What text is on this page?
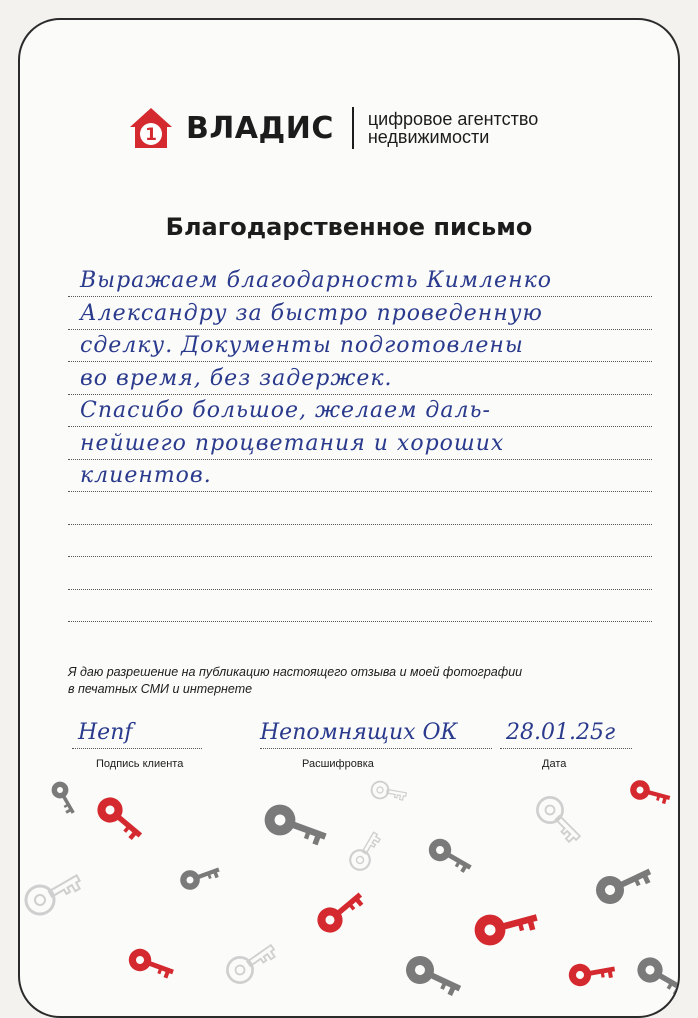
1 ВЛАДИС цифровое агентство
недвижимости
Благодарственное письмо
Выражаем благодарность Кимленко
Александру за быстро проведенную
сделку. Документы подготовлены
во время, без задержек.
Спасибо большое, желаем даль-
нейшего процветания и хороших
клиентов.
Я даю разрешение на публикацию настоящего отзыва и моей фотографии
в печатных СМИ и интернете
Неnf
Подпись клиента
Непомнящих ОК
Расшифровка
28.01.25г
Дата
